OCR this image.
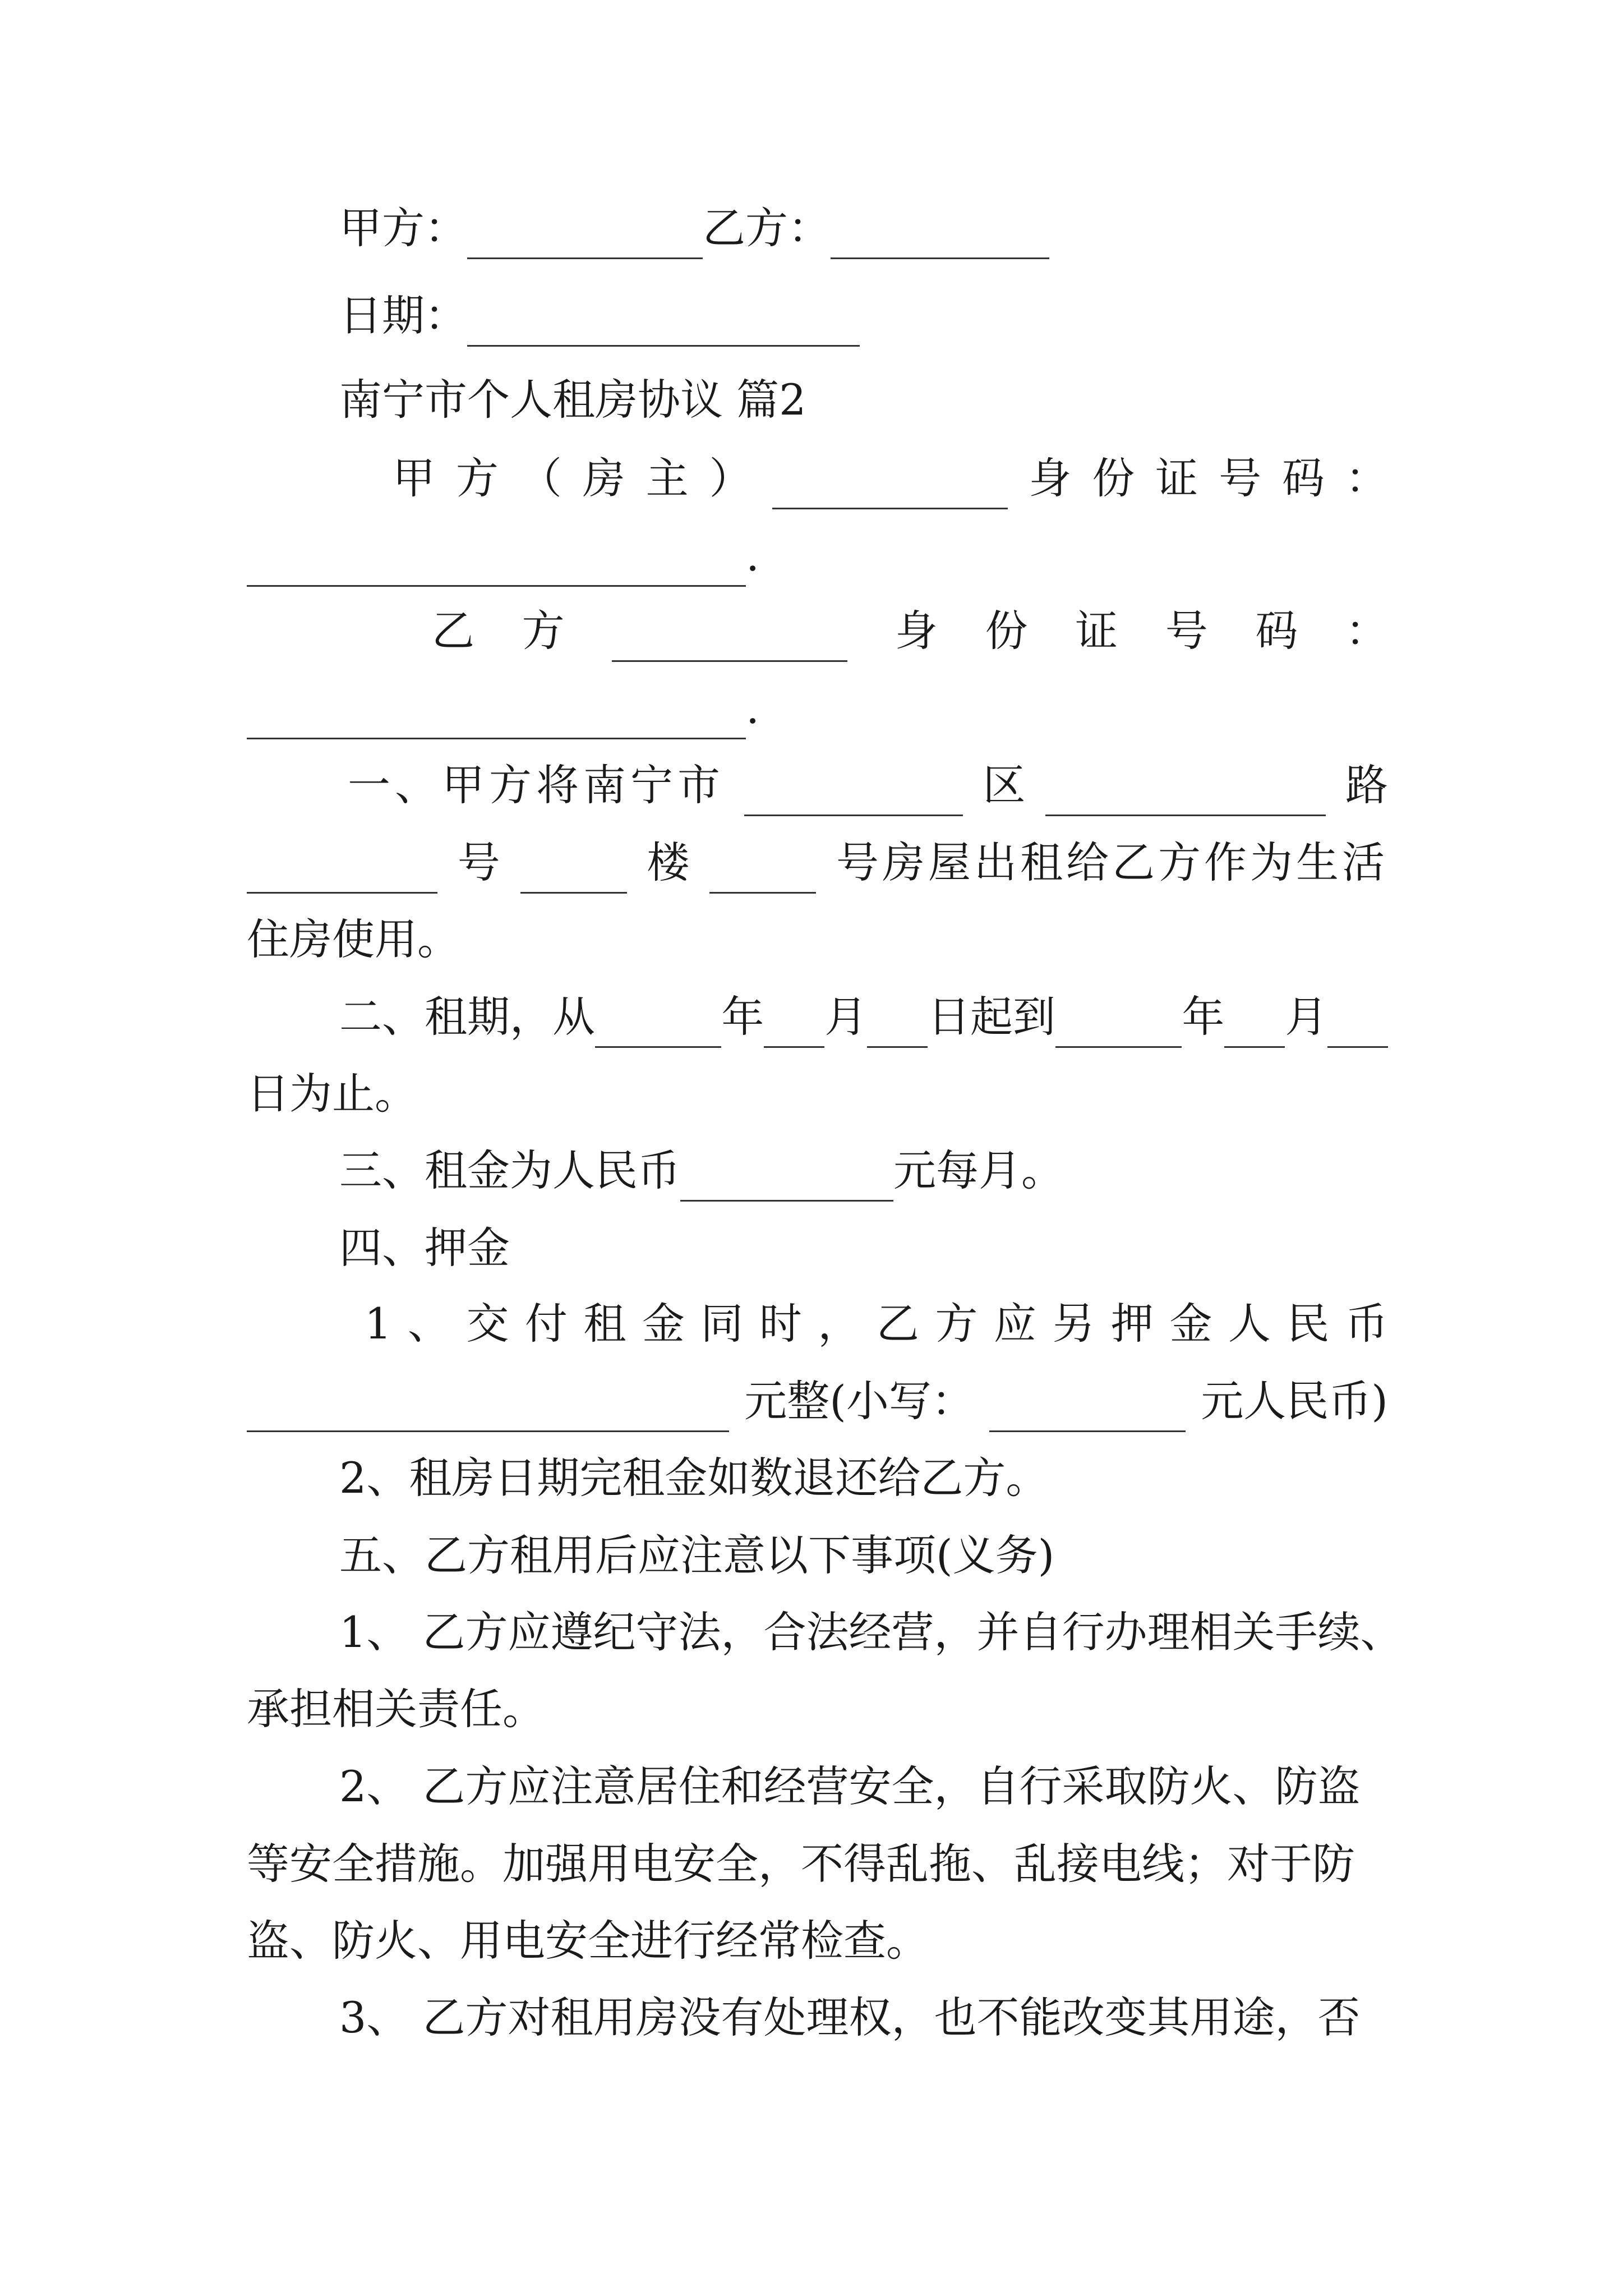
甲方：	乙方：
日期：
南宁市个人租房协议 篇2
甲 方 （ 房 主 ）	身 份 证 号 码 ：
.
乙 方	身 份 证 号 码 ：
.
一、甲方将南宁市	区	路
号	楼	号房屋出租给乙方作为生活
住房使用。
二、租期，从	年 月 日起到	年 月
日为止。
三、租金为人民币	元每月。
四、押金
1 、 交 付 租 金 同 时 ， 乙 方 应 另 押 金 人 民 币
元整(小写：	元人民币)
2、租房日期完租金如数退还给乙方。
五、乙方租用后应注意以下事项(义务)
1、 乙方应遵纪守法，合法经营，并自行办理相关手续、
承担相关责任。
2、 乙方应注意居住和经营安全，自行采取防火、防盗
等安全措施。加强用电安全，不得乱拖、乱接电线；对于防
盗、防火、用电安全进行经常检查。
3、 乙方对租用房没有处理权，也不能改变其用途，否
